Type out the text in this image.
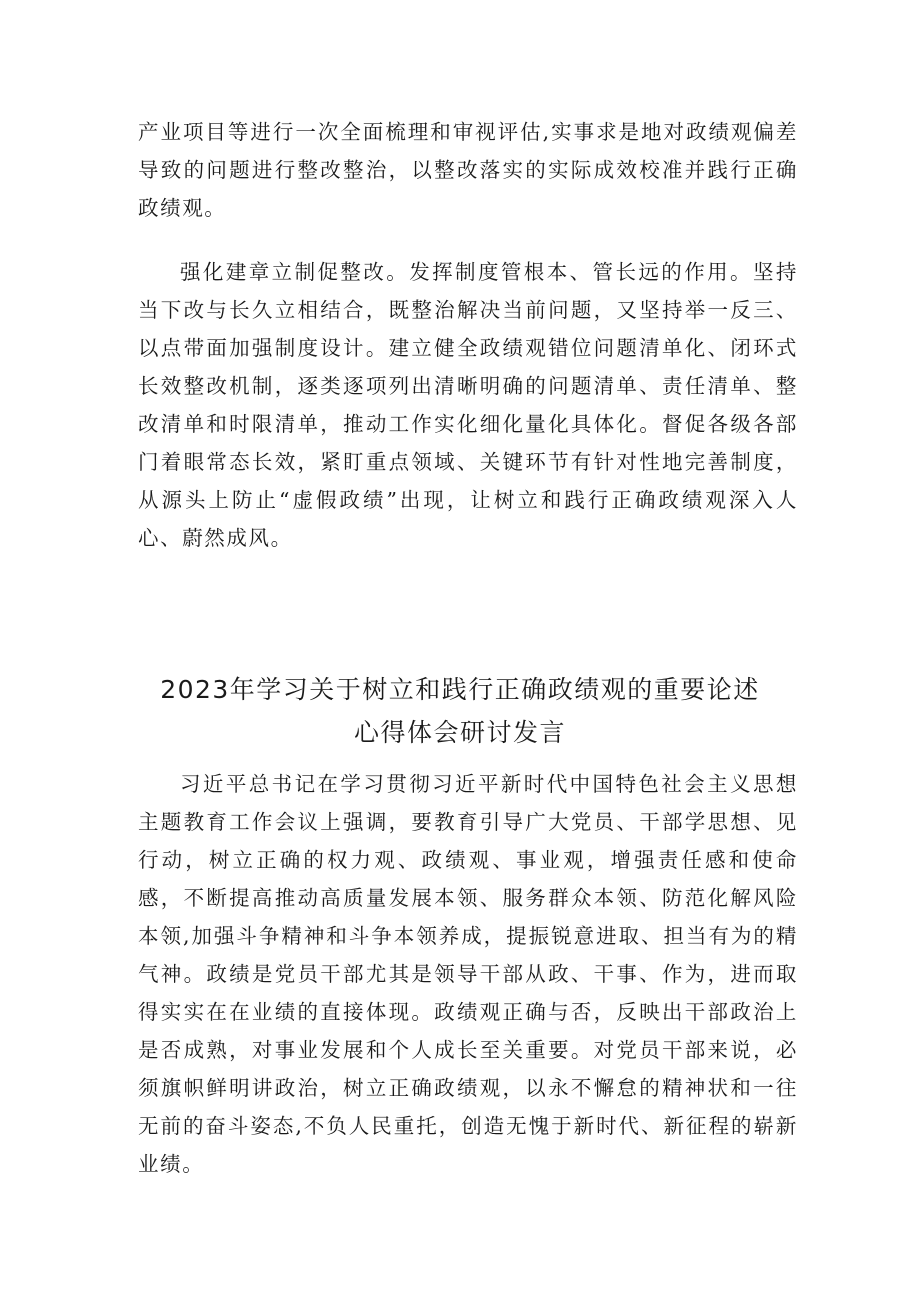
产业项目等进行一次全面梳理和审视评估,实事求是地对政绩观偏差导致的问题进行整改整治，以整改落实的实际成效校准并践行正确政绩观。

强化建章立制促整改。发挥制度管根本、管长远的作用。坚持当下改与长久立相结合，既整治解决当前问题，又坚持举一反三、以点带面加强制度设计。建立健全政绩观错位问题清单化、闭环式长效整改机制，逐类逐项列出清晰明确的问题清单、责任清单、整改清单和时限清单，推动工作实化细化量化具体化。督促各级各部门着眼常态长效，紧盯重点领域、关键环节有针对性地完善制度，从源头上防止“虚假政绩”出现，让树立和践行正确政绩观深入人心、蔚然成风。

2023年学习关于树立和践行正确政绩观的重要论述
心得体会研讨发言

习近平总书记在学习贯彻习近平新时代中国特色社会主义思想主题教育工作会议上强调，要教育引导广大党员、干部学思想、见行动，树立正确的权力观、政绩观、事业观，增强责任感和使命感，不断提高推动高质量发展本领、服务群众本领、防范化解风险本领,加强斗争精神和斗争本领养成，提振锐意进取、担当有为的精气神。政绩是党员干部尤其是领导干部从政、干事、作为，进而取得实实在在业绩的直接体现。政绩观正确与否，反映出干部政治上是否成熟，对事业发展和个人成长至关重要。对党员干部来说，必须旗帜鲜明讲政治，树立正确政绩观，以永不懈怠的精神状和一往无前的奋斗姿态,不负人民重托，创造无愧于新时代、新征程的崭新业绩。
